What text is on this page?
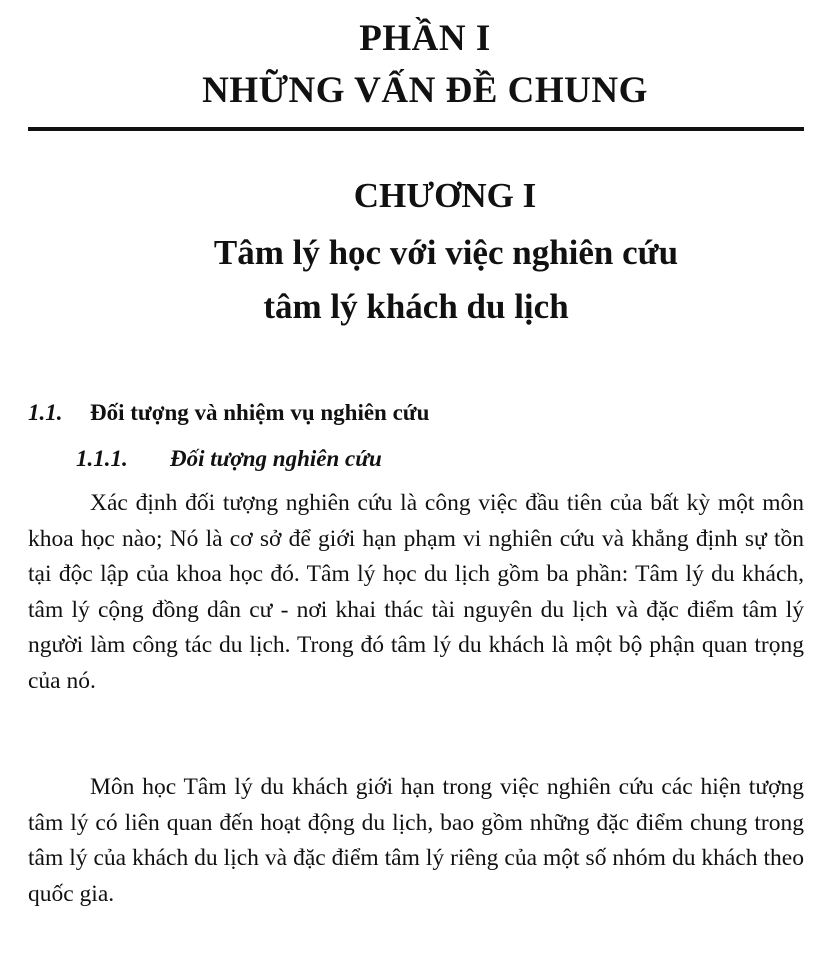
PHẦN I
NHỮNG VẤN ĐỀ CHUNG
CHƯƠNG I
Tâm lý học với việc nghiên cứu
tâm lý khách du lịch
1.1. Đối tượng và nhiệm vụ nghiên cứu
1.1.1. Đối tượng nghiên cứu

Xác định đối tượng nghiên cứu là công việc đầu tiên của bất kỳ một môn khoa học nào; Nó là cơ sở để giới hạn phạm vi nghiên cứu và khẳng định sự tồn tại độc lập của khoa học đó. Tâm lý học du lịch gồm ba phần: Tâm lý du khách, tâm lý cộng đồng dân cư - nơi khai thác tài nguyên du lịch và đặc điểm tâm lý người làm công tác du lịch. Trong đó tâm lý du khách là một bộ phận quan trọng của nó.

Môn học Tâm lý du khách giới hạn trong việc nghiên cứu các hiện tượng tâm lý có liên quan đến hoạt động du lịch, bao gồm những đặc điểm chung trong tâm lý của khách du lịch và đặc điểm tâm lý riêng của một số nhóm du khách theo quốc gia.
